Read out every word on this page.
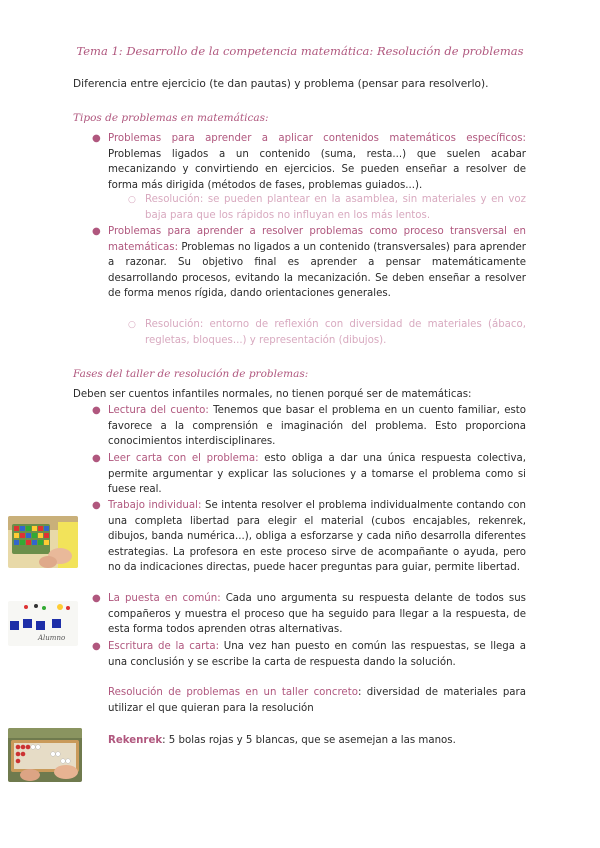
Tema 1: Desarrollo de la competencia matemática: Resolución de problemas
Diferencia entre ejercicio (te dan pautas) y problema (pensar para resolverlo).
Tipos de problemas en matemáticas:
● Problemas para aprender a aplicar contenidos matemáticos específicos: Problemas ligados a un contenido (suma, resta...) que suelen acabar mecanizando y convirtiendo en ejercicios. Se pueden enseñar a resolver de forma más dirigida (métodos de fases, problemas guiados...).
○ Resolución: se pueden plantear en la asamblea, sin materiales y en voz baja para que los rápidos no influyan en los más lentos.
● Problemas para aprender a resolver problemas como proceso transversal en matemáticas: Problemas no ligados a un contenido (transversales) para aprender a razonar. Su objetivo final es aprender a pensar matemáticamente desarrollando procesos, evitando la mecanización. Se deben enseñar a resolver de forma menos rígida, dando orientaciones generales.
○ Resolución: entorno de reflexión con diversidad de materiales (ábaco, regletas, bloques...) y representación (dibujos).
Fases del taller de resolución de problemas:
Deben ser cuentos infantiles normales, no tienen porqué ser de matemáticas:
● Lectura del cuento: Tenemos que basar el problema en un cuento familiar, esto favorece a la comprensión e imaginación del problema. Esto proporciona conocimientos interdisciplinares.
● Leer carta con el problema: esto obliga a dar una única respuesta colectiva, permite argumentar y explicar las soluciones y a tomarse el problema como si fuese real.
● Trabajo individual: Se intenta resolver el problema individualmente contando con una completa libertad para elegir el material (cubos encajables, rekenrek, dibujos, banda numérica...), obliga a esforzarse y cada niño desarrolla diferentes estrategias. La profesora en este proceso sirve de acompañante o ayuda, pero no da indicaciones directas, puede hacer preguntas para guiar, permite libertad.
● La puesta en común: Cada uno argumenta su respuesta delante de todos sus compañeros y muestra el proceso que ha seguido para llegar a la respuesta, de esta forma todos aprenden otras alternativas.
● Escritura de la carta: Una vez han puesto en común las respuestas, se llega a una conclusión y se escribe la carta de respuesta dando la solución.
Resolución de problemas en un taller concreto: diversidad de materiales para utilizar el que quieran para la resolución
Rekenrek: 5 bolas rojas y 5 blancas, que se asemejan a las manos.
Alumno
